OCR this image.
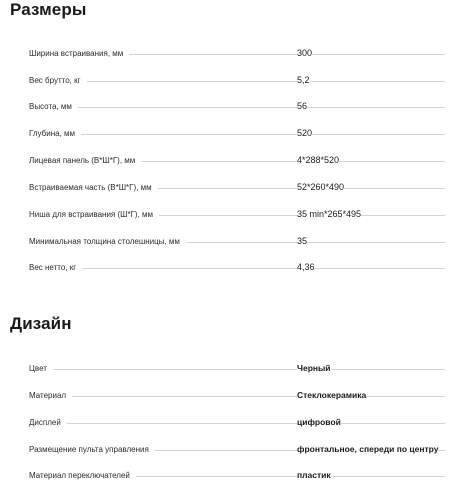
Размеры
Ширина встраивания, мм	300
Вес брутто, кг	5,2
Высота, мм	56
Глубина, мм	520
Лицевая панель (В*Ш*Г), мм	4*288*520
Встраиваемая часть (В*Ш*Г), мм	52*260*490
Ниша для встраивания (Ш*Г), мм	35 min*265*495
Минимальная толщина столешницы, мм	35
Вес нетто, кг	4,36
Дизайн
Цвет	Черный
Материал	Стеклокерамика
Дисплей	цифровой
Размещение пульта управления	фронтальное, спереди по центру
Материал переключателей	пластик
